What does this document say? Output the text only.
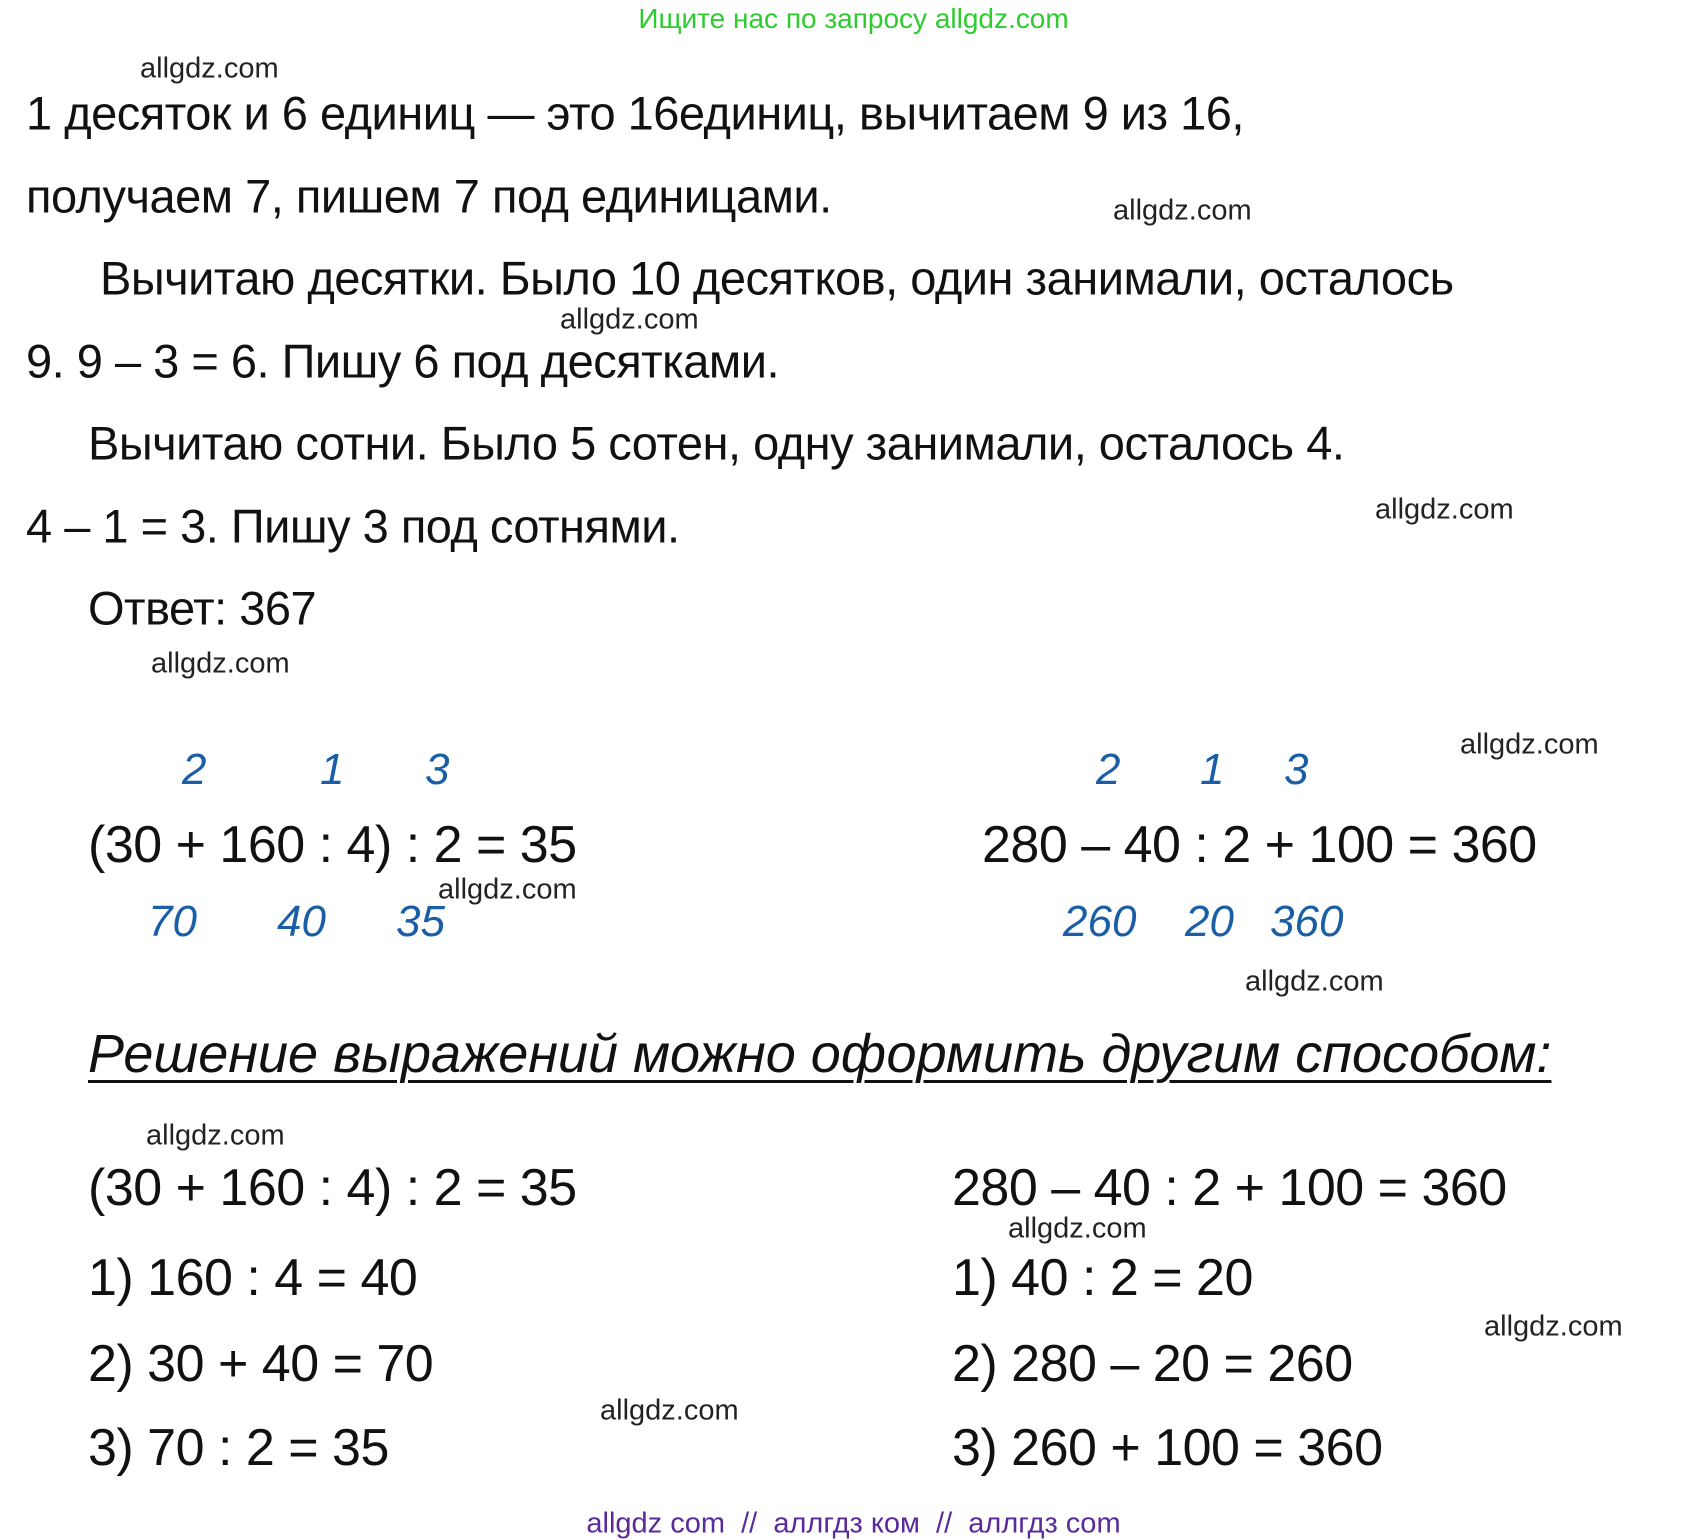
Ищите нас по запросу allgdz.com
1 десяток и 6 единиц — это 16единиц, вычитаем 9 из 16,
получаем 7, пишем 7 под единицами.
Вычитаю десятки. Было 10 десятков, один занимали, осталось
9. 9 – 3 = 6. Пишу 6 под десятками.
Вычитаю сотни. Было 5 сотен, одну занимали, осталось 4.
4 – 1 = 3. Пишу 3 под сотнями.
Ответ: 367
2	1 3
(30 + 160 : 4) : 2 = 35
70 40 35
2 1 3
280 – 40 : 2 + 100 = 360
260 20 360
Решение выражений можно оформить другим способом:
(30 + 160 : 4) : 2 = 35
1) 160 : 4 = 40
2) 30 + 40 = 70
3) 70 : 2 = 35
280 – 40 : 2 + 100 = 360
1) 40 : 2 = 20
2) 280 – 20 = 260
3) 260 + 100 = 360
allgdz.com
allgdz.com
allgdz.com
allgdz.com
allgdz.com
allgdz.com
allgdz.com
allgdz.com
allgdz.com
allgdz.com
allgdz.com
allgdz.com
allgdz com  //  аллгдз ком  //  аллгдз com
